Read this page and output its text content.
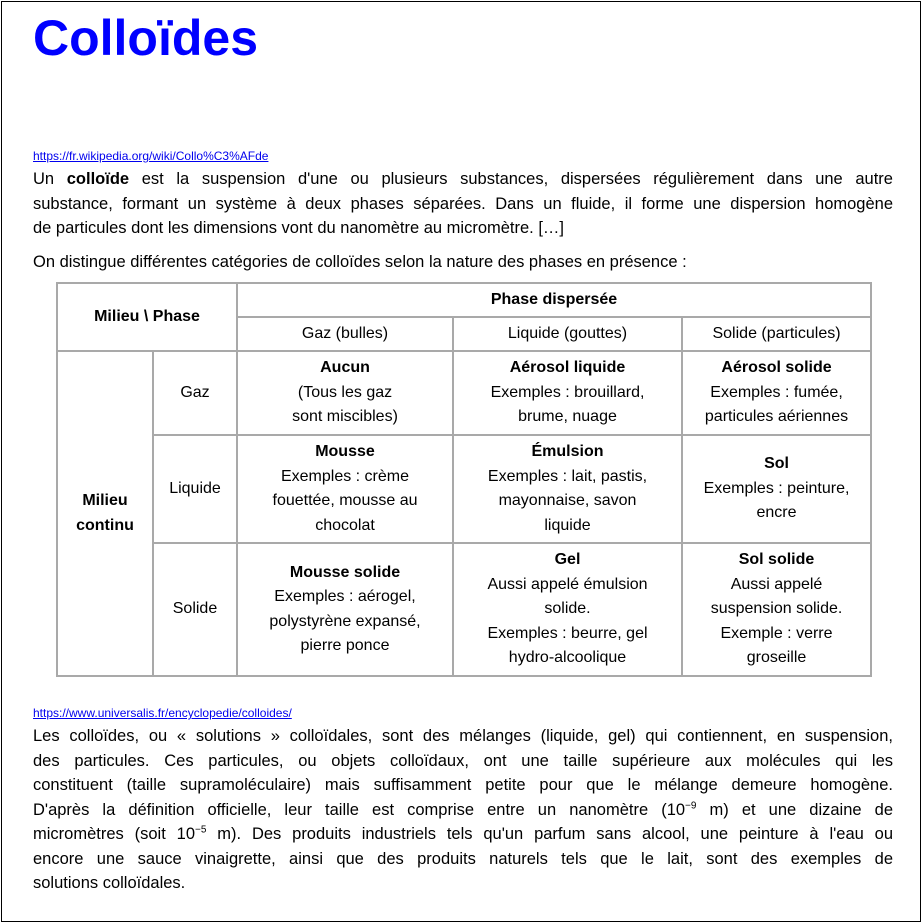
Colloïdes
https://fr.wikipedia.org/wiki/Collo%C3%AFde
Un colloïde est la suspension d'une ou plusieurs substances, dispersées régulièrement dans une autre
substance, formant un système à deux phases séparées. Dans un fluide, il forme une dispersion homogène
de particules dont les dimensions vont du nanomètre au micromètre. […]
On distingue différentes catégories de colloïdes selon la nature des phases en présence :
Milieu \ Phase		Phase dispersée		

		Gaz (bulles)	Liquide (gouttes)	Solide (particules)

Milieu
continu	Gaz	Aucun
(Tous les gaz
sont miscibles)	Aérosol liquide
Exemples : brouillard,
brume, nuage	Aérosol solide
Exemples : fumée,
particules aériennes

	Liquide	Mousse
Exemples : crème
fouettée, mousse au
chocolat	Émulsion
Exemples : lait, pastis,
mayonnaise, savon
liquide	Sol
Exemples : peinture,
encre

	Solide	Mousse solide
Exemples : aérogel,
polystyrène expansé,
pierre ponce	Gel
Aussi appelé émulsion
solide.
Exemples : beurre, gel
hydro-alcoolique	Sol solide
Aussi appelé
suspension solide.
Exemple : verre
groseille
https://www.universalis.fr/encyclopedie/colloides/
Les colloïdes, ou « solutions » colloïdales, sont des mélanges (liquide, gel) qui contiennent, en suspension,
des particules. Ces particules, ou objets colloïdaux, ont une taille supérieure aux molécules qui les
constituent (taille supramoléculaire) mais suffisamment petite pour que le mélange demeure homogène.
D'après la définition officielle, leur taille est comprise entre un nanomètre ($10^{-9}$ m) et une dizaine de
micromètres (soit $10^{-5}$ m). Des produits industriels tels qu'un parfum sans alcool, une peinture à l'eau ou
encore une sauce vinaigrette, ainsi que des produits naturels tels que le lait, sont des exemples de
solutions colloïdales.
